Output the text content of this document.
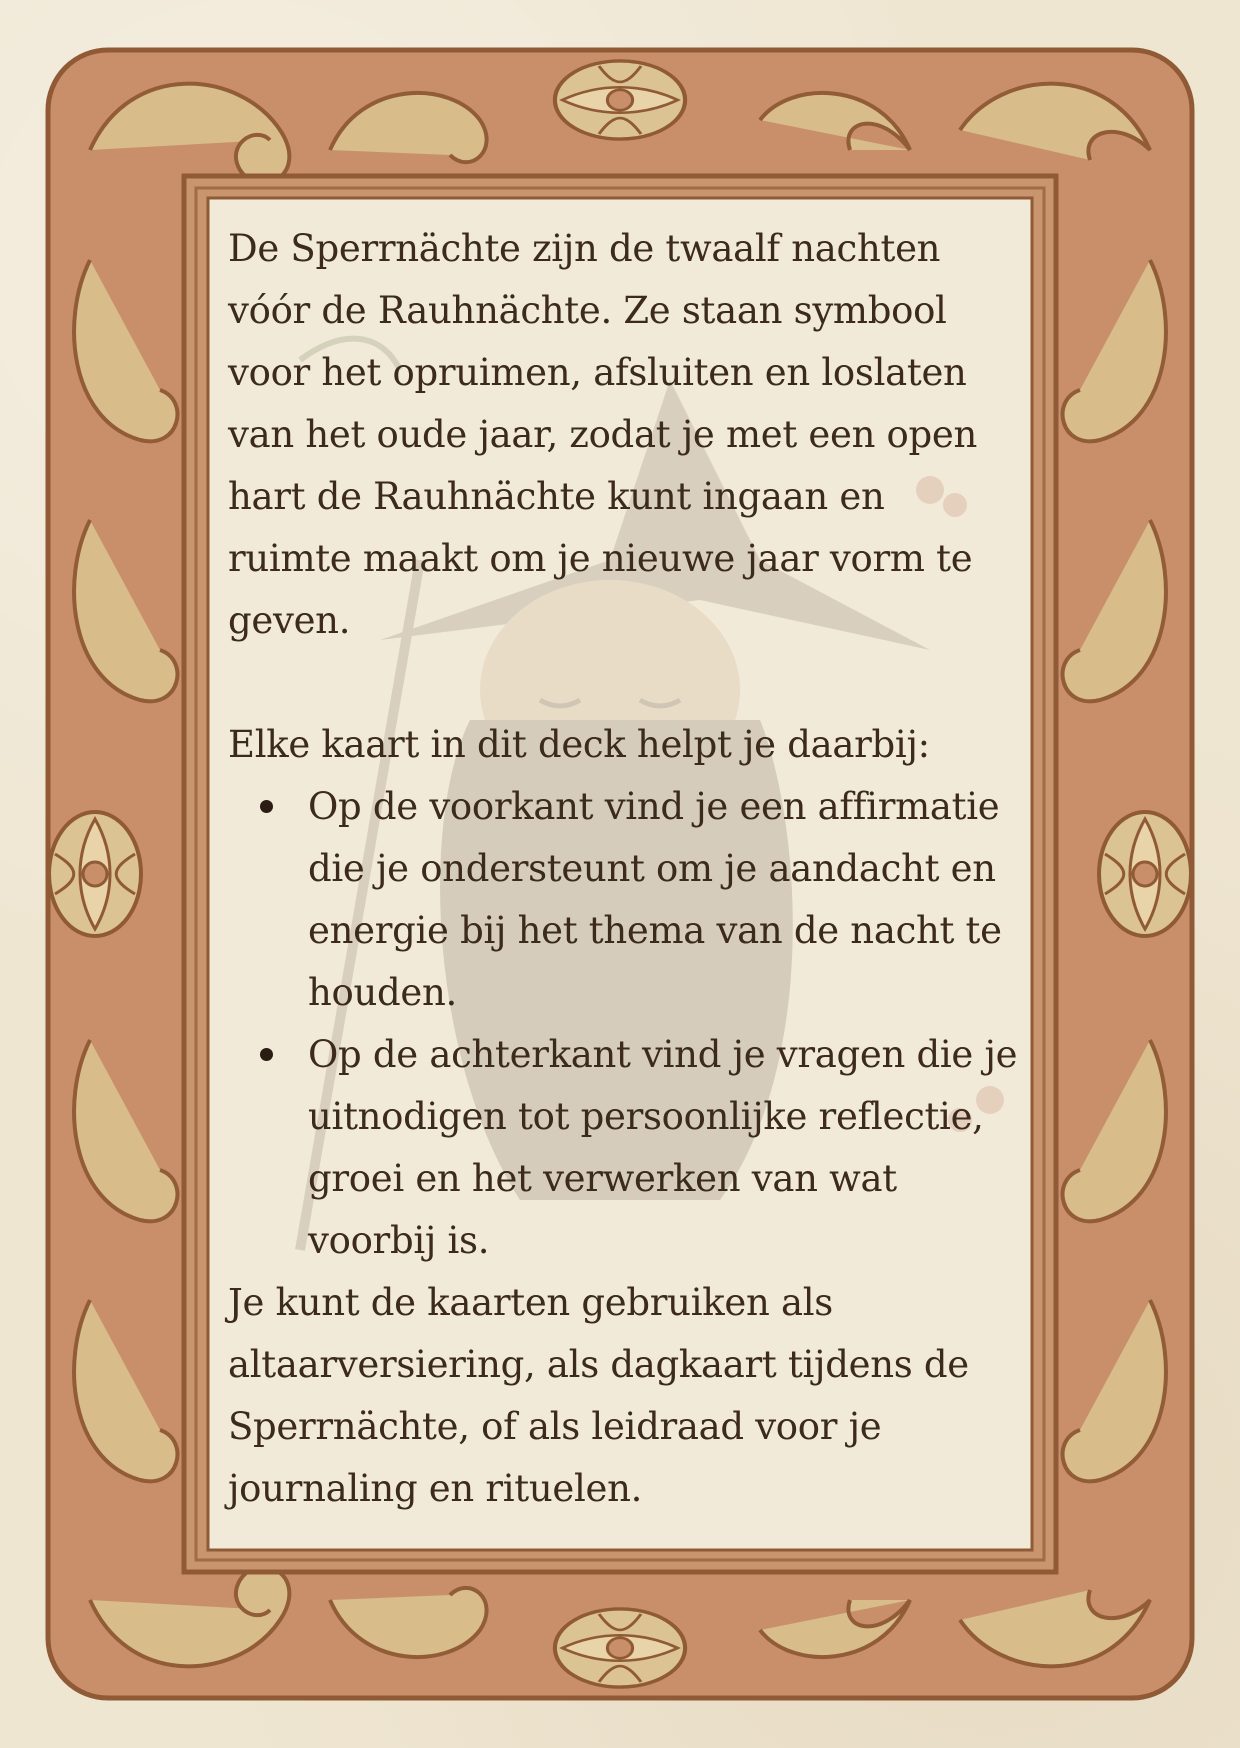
De Sperrnächte zijn de twaalf nachten vóór de Rauhnächte. Ze staan symbool voor het opruimen, afsluiten en loslaten van het oude jaar, zodat je met een open hart de Rauhnächte kunt ingaan en ruimte maakt om je nieuwe jaar vorm te geven.

Elke kaart in dit deck helpt je daarbij:

Op de voorkant vind je een affirmatie die je ondersteunt om je aandacht en energie bij het thema van de nacht te houden.
Op de achterkant vind je vragen die je uitnodigen tot persoonlijke reflectie, groei en het verwerken van wat voorbij is.

Je kunt de kaarten gebruiken als altaarversiering, als dagkaart tijdens de Sperrnächte, of als leidraad voor je journaling en rituelen.
